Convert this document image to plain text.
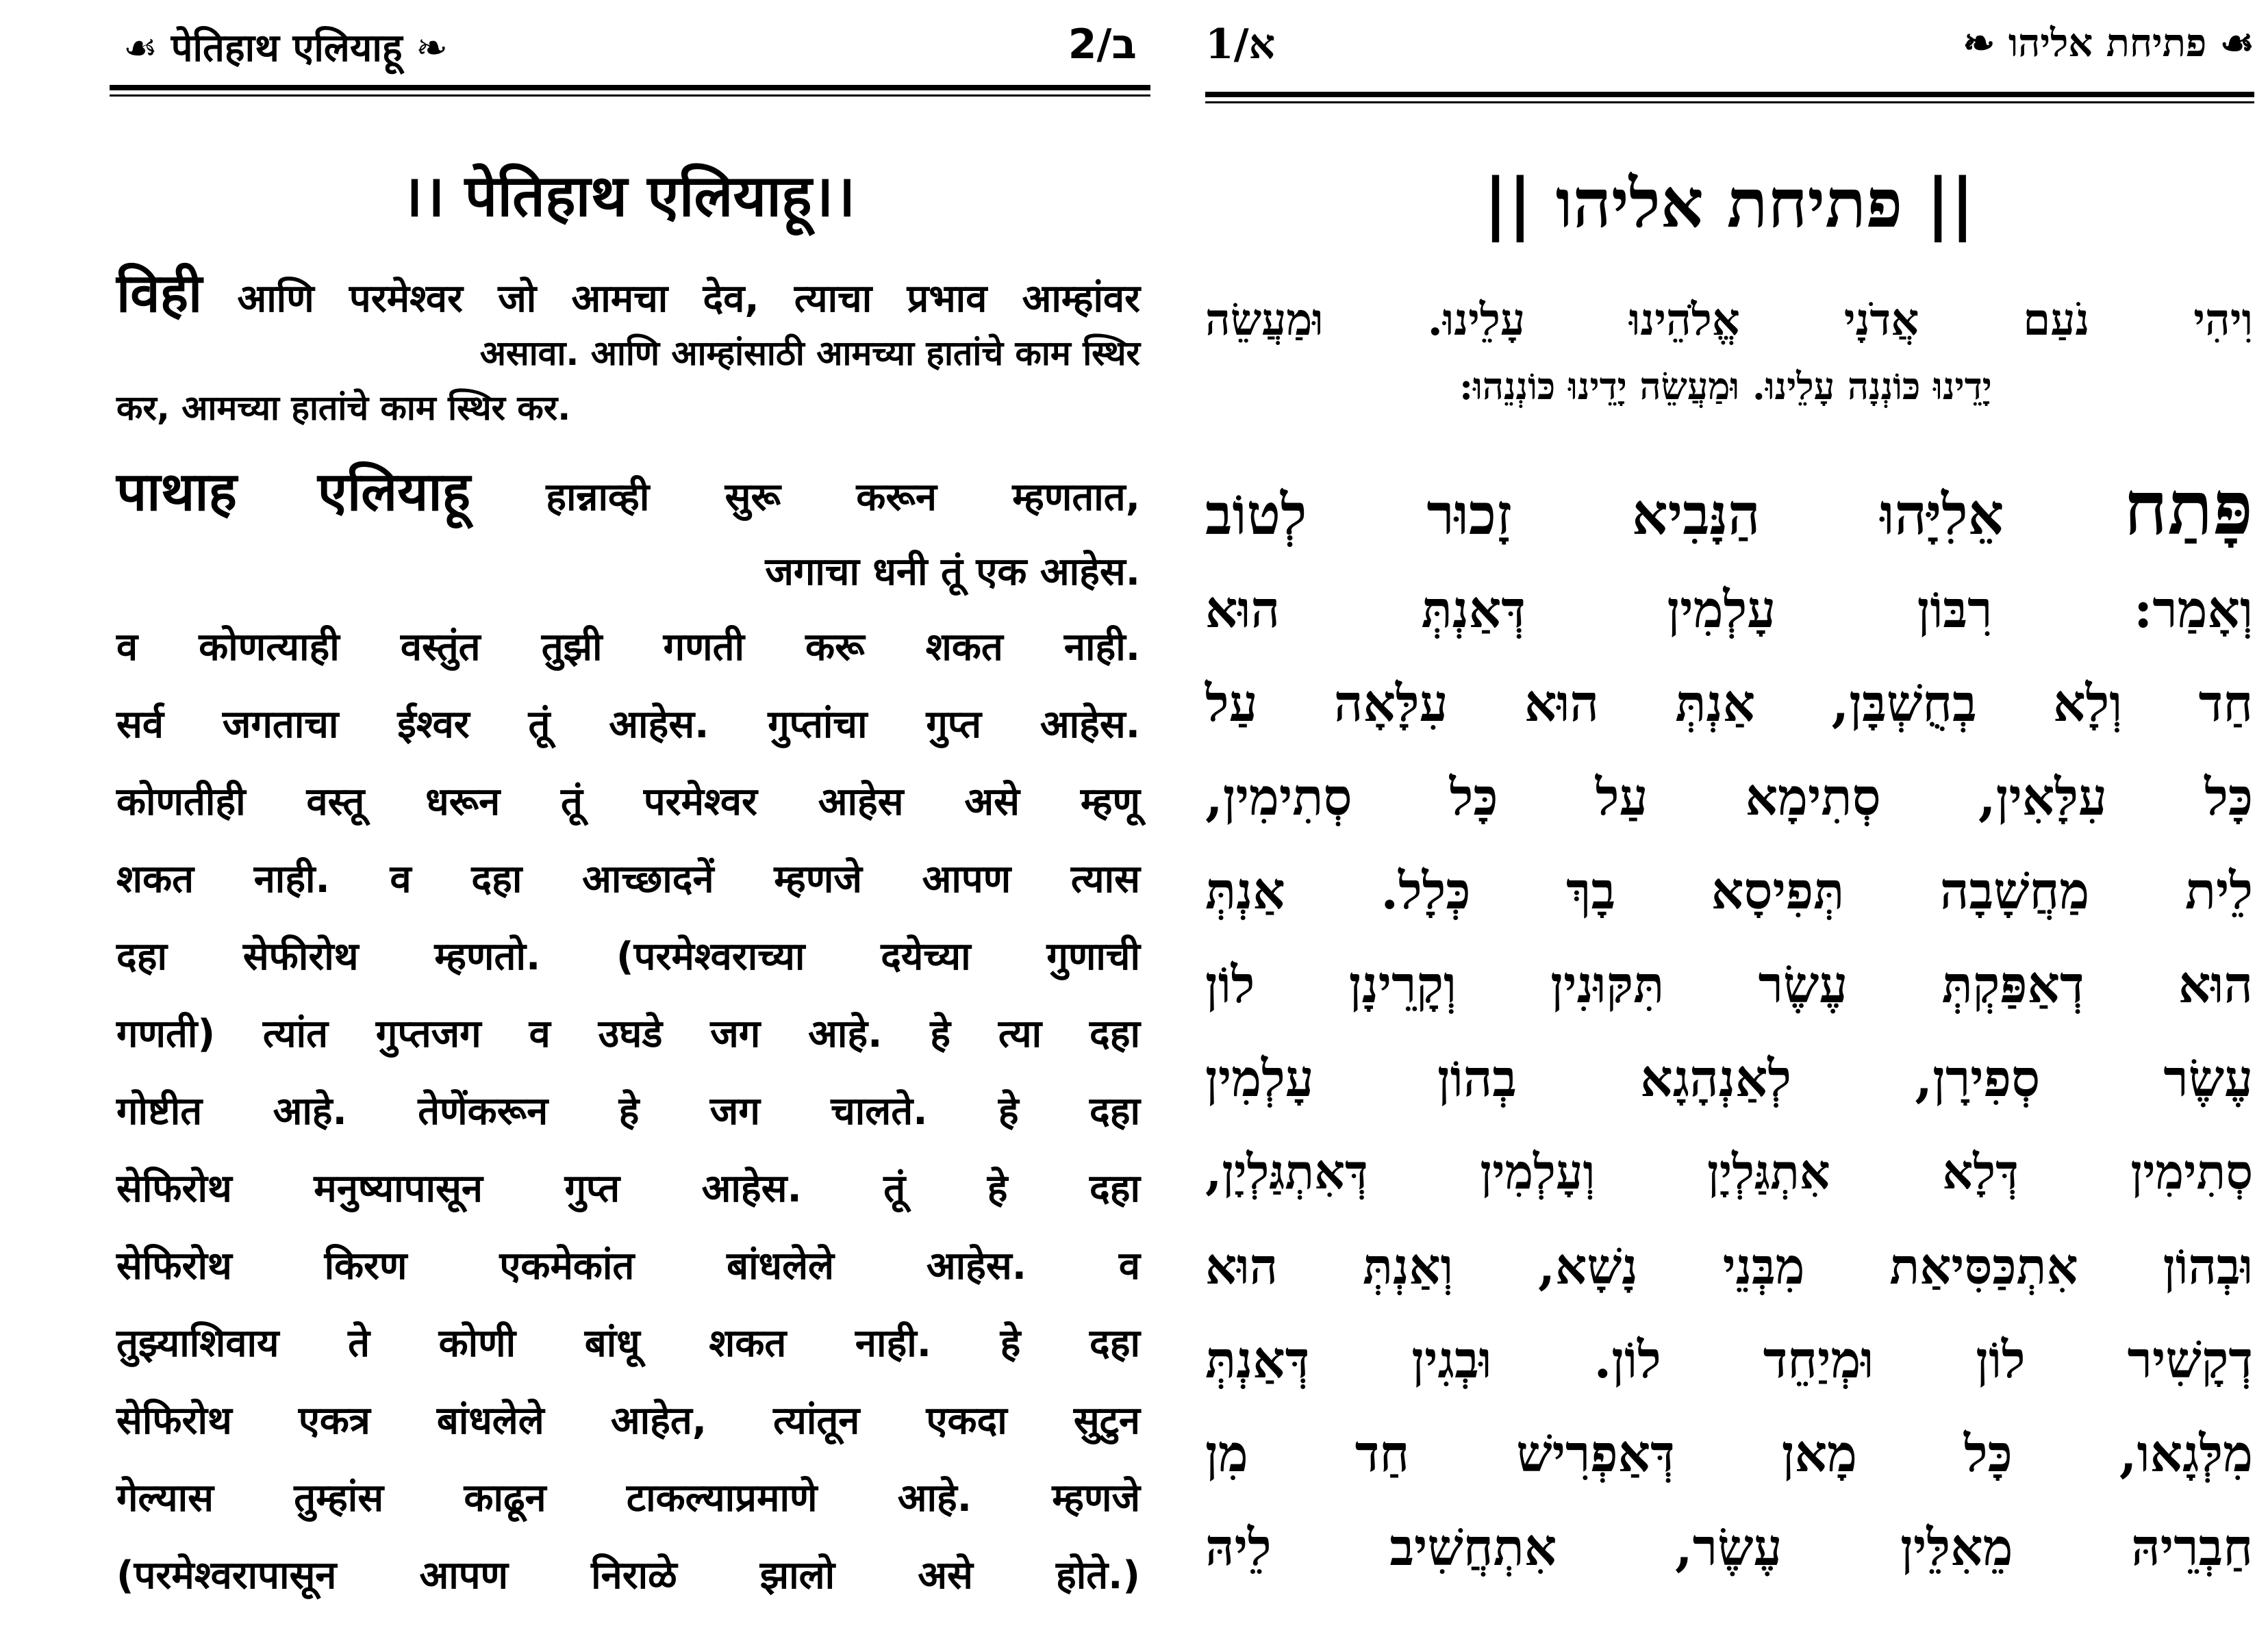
☙ पेतिहाथ एलियाहू ❧	2/ב
।। पेतिहाथ एलियाहू।।
विही आणि परमेश्वर जो आमचा देव, त्याचा प्रभाव आम्हांवर
असावा. आणि आम्हांसाठी आमच्या हातांचे काम स्थिर
कर, आमच्या हातांचे काम स्थिर कर.
पाथाह एलियाहू हान्नाव्ही सुरू करून म्हणतात,
जगाचा धनी तूं एक आहेस.
व कोणत्याही वस्तुंत तुझी गणती करू शकत नाही.
सर्व जगताचा ईश्वर तूं आहेस. गुप्तांचा गुप्त आहेस.
कोणतीही वस्तू धरून तूं परमेश्वर आहेस असे म्हणू
शकत नाही. व दहा आच्छादनें म्हणजे आपण त्यास
दहा सेफीरोथ म्हणतो. (परमेश्वराच्या दयेच्या गुणाची
गणती) त्यांत गुप्तजग व उघडे जग आहे. हे त्या दहा
गोष्टीत आहे. तेणेंकरून हे जग चालते. हे दहा
सेफिरोथ मनुष्यापासून गुप्त आहेस. तूं हे दहा
सेफिरोथ किरण एकमेकांत बांधलेले आहेस. व
तुझ्याशिवाय ते कोणी बांधू शकत नाही. हे दहा
सेफिरोथ एकत्र बांधलेले आहेत, त्यांतून एकदा सुटुन
गेल्यास तुम्हांस काढून टाकल्याप्रमाणे आहे. म्हणजे
(परमेश्वरापासून आपण निराळे झालो असे होते.)
א/1	☙ פתיחת אליהו ❧
|| פתיחת אליהו ||
וִיהִי נֹעַם אֲדֹנָי אֱלֹהֵינוּ עָלֵינוּ. וּמַעֲשֵׂה
יָדֵינוּ כּוֹנְנָה עָלֵינוּ. וּמַעֲשֵׂה יָדֵינוּ כּוֹנְנֵהוּ:
פָּתַח אֵלִיָּהוּ הַנָּבִיא זָכוּר לְטוֹב
וְאָמַר: רִבּוֹן עָלְמִין דְּאַנְתְּ הוּא
חַד וְלָא בְחֻשְׁבָּן, אַנְתְּ הוּא עִלָּאָה עַל
כָּל עִלָּאִין, סְתִימָא עַל כָּל סְתִימִין,
לֵית מַחֲשָׁבָה תְּפִיסָא בָךְ כְּלָל. אַנְתְּ
הוּא דְאַפַּקְתְּ עֶשֶׂר תִּקּוּנִין וְקָרֵינָן לוֹן
עֶשֶׂר סְפִירָן, לְאַנְהָגָא בְהוֹן עָלְמִין
סְתִימִין דְּלָא אִתְגַּלְיָן וְעָלְמִין דְּאִתְגַּלְיָן,
וּבְהוֹן אִתְכַּסִּיאַת מִבְּנֵי נָשָׁא, וְאַנְתְּ הוּא
דְקָשִׁיר לוֹן וּמְיַחֵד לוֹן. וּבְגִין דְּאַנְתְּ
מִלְּגָאו, כָּל מָאן דְּאַפְרִישׁ חַד מִן
חַבְרֵיהּ מֵאִלֵּין עֶשֶׂר, אִתְחֲשִׁיב לֵיהּ
